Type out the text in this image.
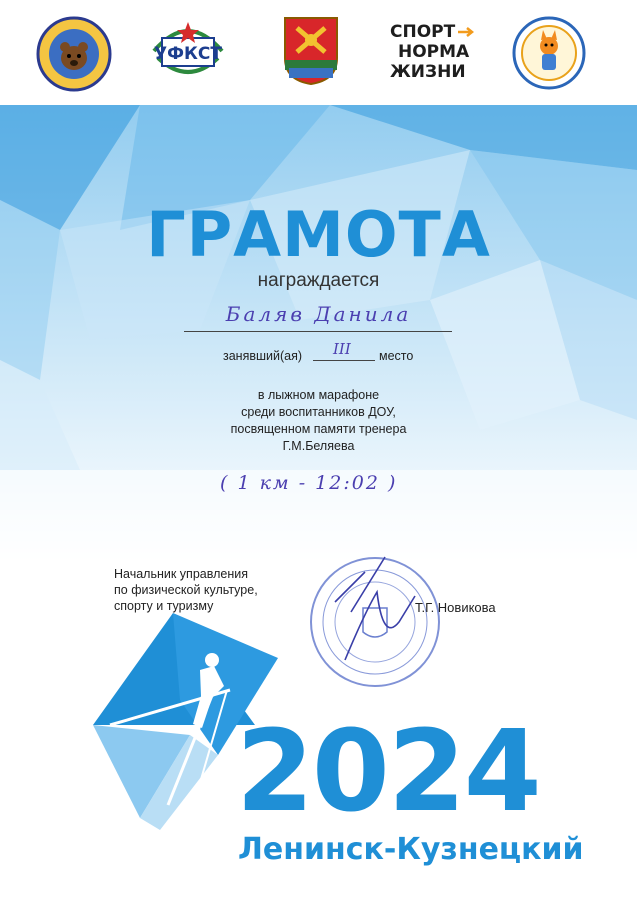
УФКСТ
СПОРТ
НОРМА
ЖИЗНИ
ГРАМОТА
награждается
Баляв Данила
занявший(ая) III место
в лыжном марафоне
среди воспитанников ДОУ,
посвященном памяти тренера
Г.М.Беляева
( 1 км - 12:02 )
Начальник управления
по физической культуре,
спорту и туризму	Т.Г. Новикова
2024
Ленинск-Кузнецкий
